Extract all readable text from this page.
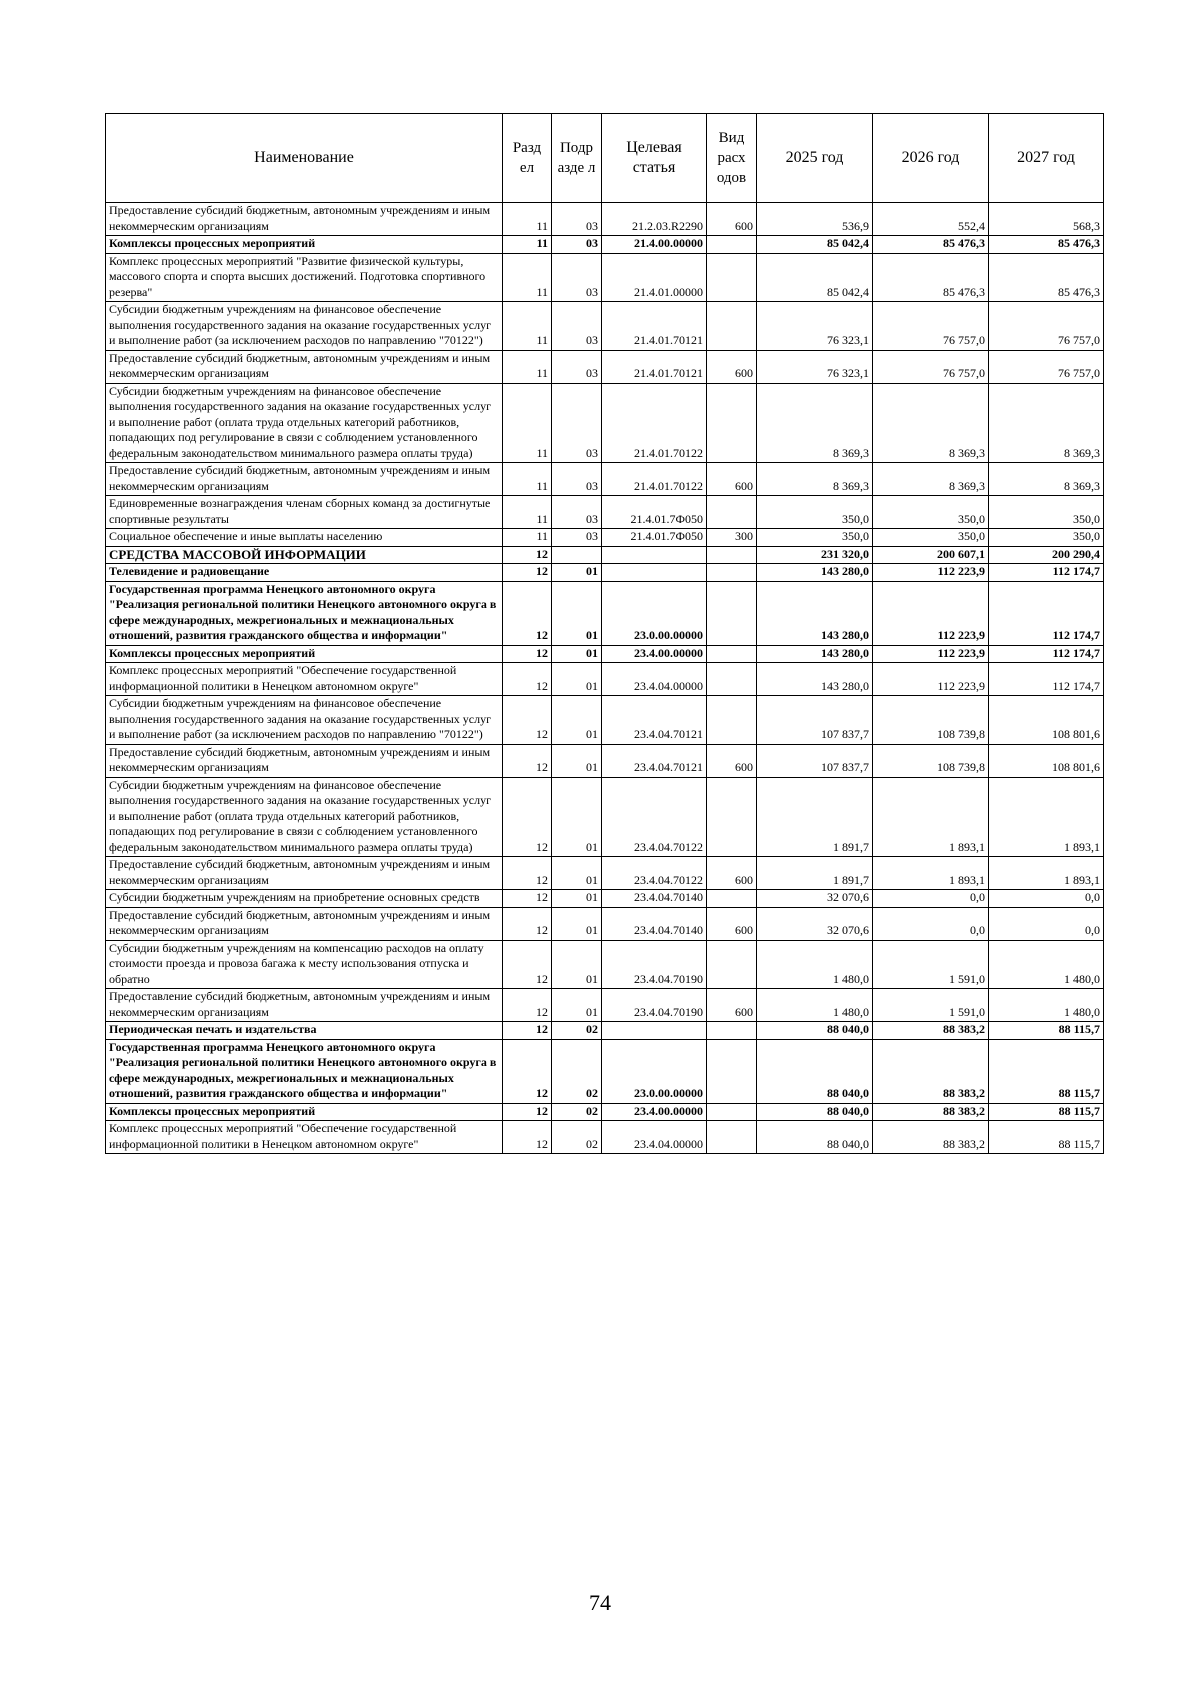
Наименование	Разд ел	Подр азде л	Целевая статья	Вид расх одов	2025 год	2026 год	2027 год
Предоставление субсидий бюджетным, автономным учреждениям и иным некоммерческим организациям	11	03	21.2.03.R2290	600	536,9	552,4	568,3
Комплексы процессных мероприятий	11	03	21.4.00.00000		85 042,4	85 476,3	85 476,3
Комплекс процессных мероприятий "Развитие физической культуры, массового спорта и спорта высших достижений. Подготовка спортивного резерва"	11	03	21.4.01.00000		85 042,4	85 476,3	85 476,3
Субсидии бюджетным учреждениям на финансовое обеспечение выполнения государственного задания на оказание государственных услуг и выполнение работ (за исключением расходов по направлению "70122")	11	03	21.4.01.70121		76 323,1	76 757,0	76 757,0
Предоставление субсидий бюджетным, автономным учреждениям и иным некоммерческим организациям	11	03	21.4.01.70121	600	76 323,1	76 757,0	76 757,0
Субсидии бюджетным учреждениям на финансовое обеспечение выполнения государственного задания на оказание государственных услуг и выполнение работ (оплата труда отдельных категорий работников, попадающих под регулирование в связи с соблюдением установленного федеральным законодательством минимального размера оплаты труда)	11	03	21.4.01.70122		8 369,3	8 369,3	8 369,3
Предоставление субсидий бюджетным, автономным учреждениям и иным некоммерческим организациям	11	03	21.4.01.70122	600	8 369,3	8 369,3	8 369,3
Единовременные вознаграждения членам сборных команд за достигнутые спортивные результаты	11	03	21.4.01.7Ф050		350,0	350,0	350,0
Социальное обеспечение и иные выплаты населению	11	03	21.4.01.7Ф050	300	350,0	350,0	350,0
СРЕДСТВА МАССОВОЙ ИНФОРМАЦИИ	12				231 320,0	200 607,1	200 290,4
Телевидение и радиовещание	12	01			143 280,0	112 223,9	112 174,7
Государственная программа Ненецкого автономного округа "Реализация региональной политики Ненецкого автономного округа в сфере международных, межрегиональных и межнациональных отношений, развития гражданского общества и информации"	12	01	23.0.00.00000		143 280,0	112 223,9	112 174,7
Комплексы процессных мероприятий	12	01	23.4.00.00000		143 280,0	112 223,9	112 174,7
Комплекс процессных мероприятий "Обеспечение государственной информационной политики в Ненецком автономном округе"	12	01	23.4.04.00000		143 280,0	112 223,9	112 174,7
Субсидии бюджетным учреждениям на финансовое обеспечение выполнения государственного задания на оказание государственных услуг и выполнение работ (за исключением расходов по направлению "70122")	12	01	23.4.04.70121		107 837,7	108 739,8	108 801,6
Предоставление субсидий бюджетным, автономным учреждениям и иным некоммерческим организациям	12	01	23.4.04.70121	600	107 837,7	108 739,8	108 801,6
Субсидии бюджетным учреждениям на финансовое обеспечение выполнения государственного задания на оказание государственных услуг и выполнение работ (оплата труда отдельных категорий работников, попадающих под регулирование в связи с соблюдением установленного федеральным законодательством минимального размера оплаты труда)	12	01	23.4.04.70122		1 891,7	1 893,1	1 893,1
Предоставление субсидий бюджетным, автономным учреждениям и иным некоммерческим организациям	12	01	23.4.04.70122	600	1 891,7	1 893,1	1 893,1
Субсидии бюджетным учреждениям на приобретение основных средств	12	01	23.4.04.70140		32 070,6	0,0	0,0
Предоставление субсидий бюджетным, автономным учреждениям и иным некоммерческим организациям	12	01	23.4.04.70140	600	32 070,6	0,0	0,0
Субсидии бюджетным учреждениям на компенсацию расходов на оплату стоимости проезда и провоза багажа к месту использования отпуска и обратно	12	01	23.4.04.70190		1 480,0	1 591,0	1 480,0
Предоставление субсидий бюджетным, автономным учреждениям и иным некоммерческим организациям	12	01	23.4.04.70190	600	1 480,0	1 591,0	1 480,0
Периодическая печать и издательства	12	02			88 040,0	88 383,2	88 115,7
Государственная программа Ненецкого автономного округа "Реализация региональной политики Ненецкого автономного округа в сфере международных, межрегиональных и межнациональных отношений, развития гражданского общества и информации"	12	02	23.0.00.00000		88 040,0	88 383,2	88 115,7
Комплексы процессных мероприятий	12	02	23.4.00.00000		88 040,0	88 383,2	88 115,7
Комплекс процессных мероприятий "Обеспечение государственной информационной политики в Ненецком автономном округе"	12	02	23.4.04.00000		88 040,0	88 383,2	88 115,7
74
